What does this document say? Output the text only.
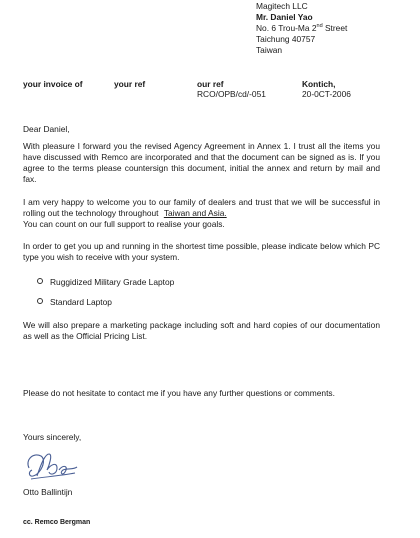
Magitech LLC
Mr. Daniel Yao
No. 6 Trou-Ma 2nd Street
Taichung 40757
Taiwan
your invoice of	your ref	our ref
RCO/OPB/cd/-051
Kontich,
20-0CT-2006
Dear Daniel,

With pleasure I forward you the revised Agency Agreement in Annex 1. I trust all the items you have discussed with Remco are incorporated and that the document can be signed as is. If you agree to the terms please countersign this document, initial the annex and return by mail and fax.

I am very happy to welcome you to our family of dealers and trust that we will be successful in rolling out the technology throughout Taiwan and Asia.
You can count on our full support to realise your goals.

In order to get you up and running in the shortest time possible, please indicate below which PC type you wish to receive with your system.

Ruggidized Military Grade Laptop
Standard Laptop

We will also prepare a marketing package including soft and hard copies of our documentation as well as the Official Pricing List.

Please do not hesitate to contact me if you have any further questions or comments.

Yours sincerely,
Otto Ballintijn
cc. Remco Bergman
